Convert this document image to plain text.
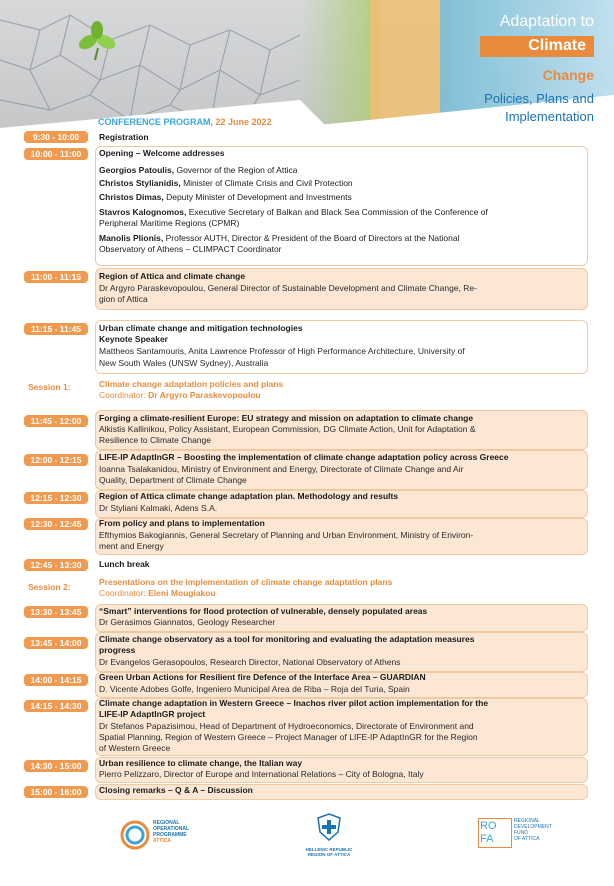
Adaptation to
Climate
Change
Policies, Plans and
Implementation
CONFERENCE PROGRAM, 22 June 2022
9:30 - 10:00	Registration
10:00 - 11:00	Opening – Welcome addresses
Georgios Patoulis, Governor of the Region of Attica
Christos Stylianidis, Minister of Climate Crisis and Civil Protection
Christos Dimas, Deputy Minister of Development and Investments
Stavros Kalognomos, Executive Secretary of Balkan and Black Sea Commission of the Conference of
Peripheral Maritime Regions (CPMR)
Manolis Plionis, Professor AUTH, Director & President of the Board of Directors at the National
Observatory of Athens – CLIMPACT Coordinator
11:00 - 11:15	Region of Attica and climate change
Dr Argyro Paraskevopoulou, General Director of Sustainable Development and Climate Change, Re-
gion of Attica
11:15 - 11:45	Urban climate change and mitigation technologies
Keynote Speaker
Mattheos Santamouris, Anita Lawrence Professor of High Performance Architecture, University of
New South Wales (UNSW Sydney), Australia
Session 1:	Climate change adaptation policies and plans
Coordinator: Dr Argyro Paraskevopoulou
11:45 - 12:00	Forging a climate-resilient Europe: EU strategy and mission on adaptation to climate change
Alkistis Kallinikou, Policy Assistant, European Commission, DG Climate Action, Unit for Adaptation &
Resilience to Climate Change
12:00 - 12:15	LIFE-IP AdaptInGR – Boosting the implementation of climate change adaptation policy across Greece
Ioanna Tsalakanidou, Ministry of Environment and Energy, Directorate of Climate Change and Air
Quality, Department of Climate Change
12:15 - 12:30	Region of Attica climate change adaptation plan. Methodology and results
Dr Styliani Kalmaki, Adens S.A.
12:30 - 12:45	From policy and plans to implementation
Efthymios Bakogiannis, General Secretary of Planning and Urban Environment, Ministry of Environ-
ment and Energy
12:45 - 13:30	Lunch break
Session 2:	Presentations on the implementation of climate change adaptation plans
Coordinator: Eleni Mougiakou
13:30 - 13:45	“Smart” interventions for flood protection of vulnerable, densely populated areas
Dr Gerasimos Giannatos, Geology Researcher
13:45 - 14:00	Climate change observatory as a tool for monitoring and evaluating the adaptation measures
progress
Dr Evangelos Gerasopoulos, Research Director, National Observatory of Athens
14:00 - 14:15	Green Urban Actions for Resilient fire Defence of the Interface Area – GUARDIAN
D. Vicente Adobes Golfe, Ingeniero Municipal Area de Riba – Roja del Turia, Spain
14:15 - 14:30	Climate change adaptation in Western Greece – Inachos river pilot action implementation for the
LIFE-IP AdaptInGR project
Dr Stefanos Papazisimou, Head of Department of Hydroeconomics, Directorate of Environment and
Spatial Planning, Region of Western Greece – Project Manager of LIFE-IP AdaptInGR for the Region
of Western Greece
14:30 - 15:00	Urban resilience to climate change, the Italian way
Pierro Pelizzaro, Director of Europe and International Relations – City of Bologna, Italy
15:00 - 16:00	Closing remarks – Q & A – Discussion
REGIONAL
OPERATIONAL
PROGRAMME
ATTICA
HELLENIC REPUBLIC
REGION OF ATTICA
RO FA
REGIONAL
DEVELOPMENT
FUND
OF ATTICA
